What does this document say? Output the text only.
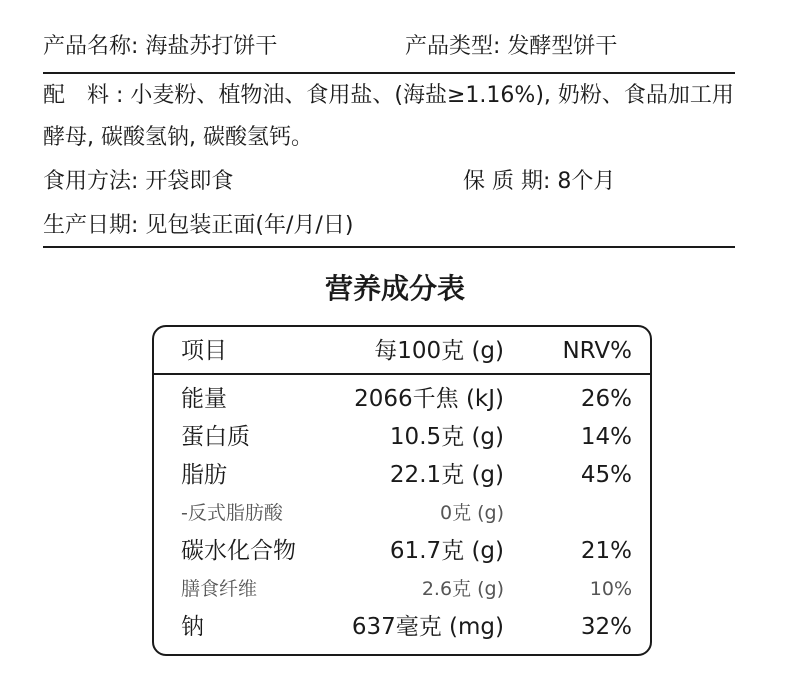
产品名称: 海盐苏打饼干	产品类型: 发酵型饼干
配　料 : 小麦粉、植物油、食用盐、(海盐≥1.16%), 奶粉、食品加工用
酵母, 碳酸氢钠, 碳酸氢钙。
食用方法: 开袋即食	保 质 期: 8个月
生产日期: 见包装正面(年/月/日)
营养成分表
项目	每100克 (g)	NRV%
能量	2066千焦 (kJ)	26%
蛋白质	10.5克 (g)	14%
脂肪	22.1克 (g)	45%
-反式脂肪酸	0克 (g)
碳水化合物	61.7克 (g)	21%
膳食纤维	2.6克 (g)	10%
钠	637毫克 (mg)	32%
